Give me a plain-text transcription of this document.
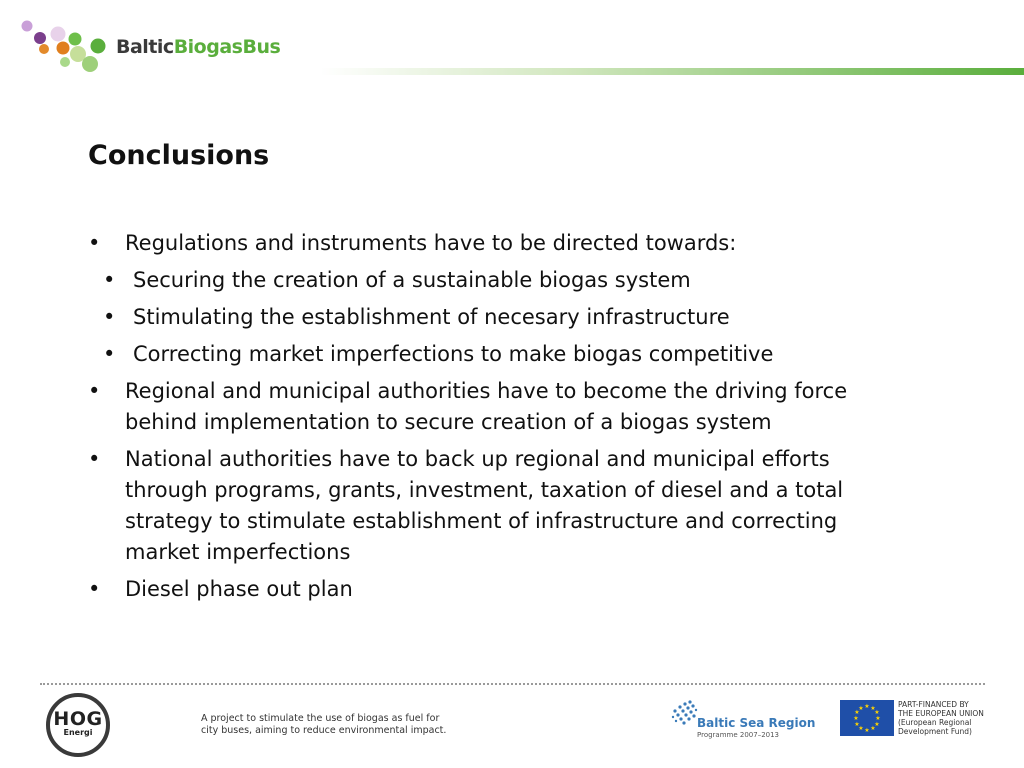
BalticBiogasBus
Conclusions
• Regulations and instruments have to be directed towards:
• Securing the creation of a sustainable biogas system
• Stimulating the establishment of necesary infrastructure
• Correcting market imperfections to make biogas competitive
• Regional and municipal authorities have to become the driving force behind implementation to secure creation of a biogas system
• National authorities have to back up regional and municipal efforts through programs, grants, investment, taxation of diesel and a total strategy to stimulate establishment of infrastructure and correcting market imperfections
• Diesel phase out plan
HOG
Energi
A project to stimulate the use of biogas as fuel for
city buses, aiming to reduce environmental impact.
Baltic Sea Region
Programme 2007–2013
★ ★
★
★
★
★
★
★
★
★
★
★	PART-FINANCED BY
THE EUROPEAN UNION
(European Regional
Development Fund)
